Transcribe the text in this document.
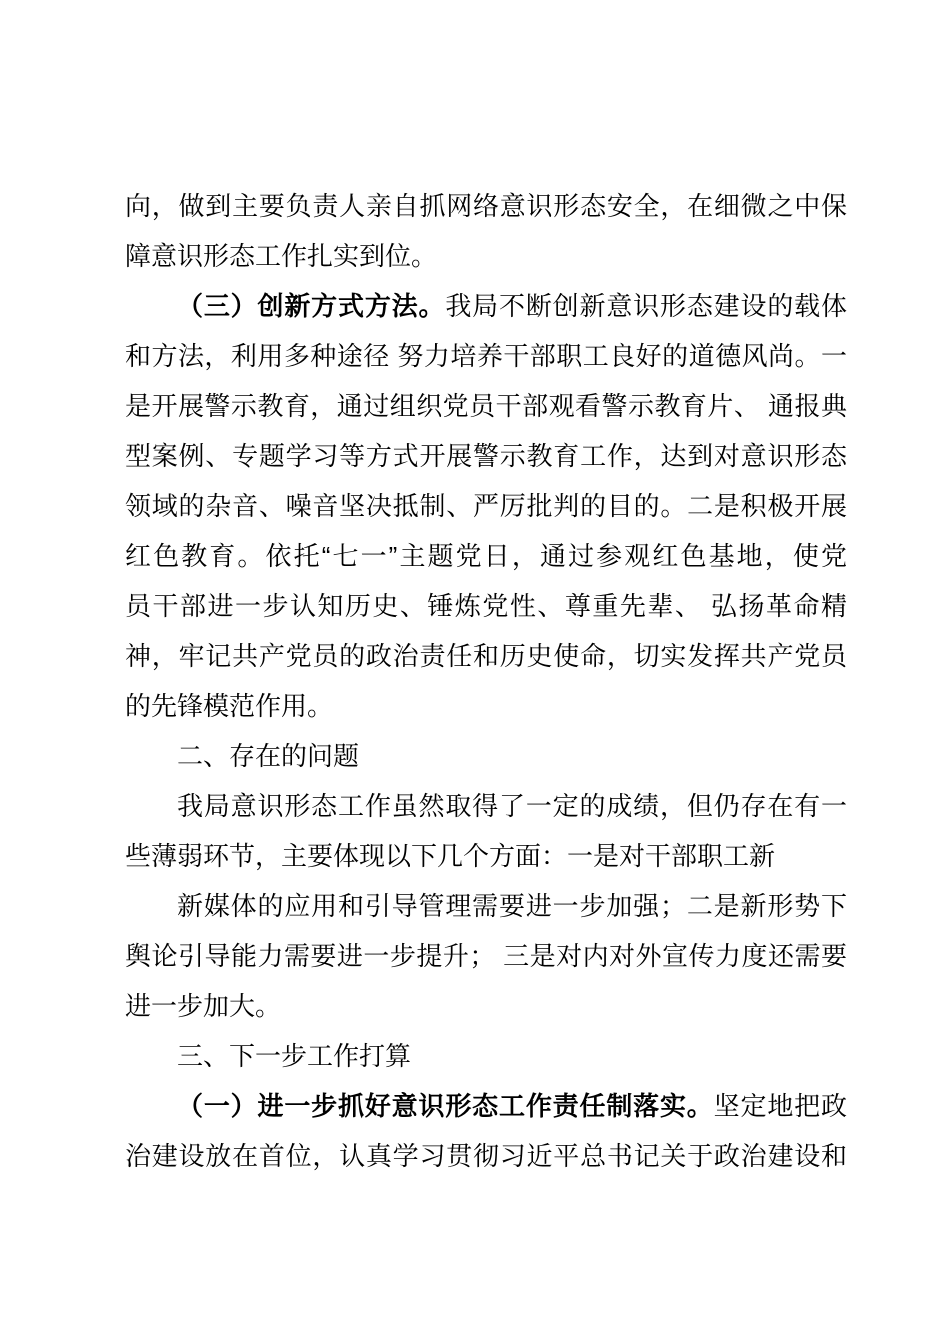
向，做到主要负责人亲自抓网络意识形态安全，在细微之中保
障意识形态工作扎实到位。
（三）创新方式方法。我局不断创新意识形态建设的载体
和方法，利用多种途径 努力培养干部职工良好的道德风尚。一
是开展警示教育，通过组织党员干部观看警示教育片、 通报典
型案例、专题学习等方式开展警示教育工作，达到对意识形态
领域的杂音、噪音坚决抵制、严厉批判的目的。二是积极开展
红色教育。依托“七一”主题党日，通过参观红色基地，使党
员干部进一步认知历史、锤炼党性、尊重先辈、 弘扬革命精
神，牢记共产党员的政治责任和历史使命，切实发挥共产党员
的先锋模范作用。
二、存在的问题
我局意识形态工作虽然取得了一定的成绩，但仍存在有一
些薄弱环节，主要体现以下几个方面：一是对干部职工新
新媒体的应用和引导管理需要进一步加强；二是新形势下
舆论引导能力需要进一步提升； 三是对内对外宣传力度还需要
进一步加大。
三、下一步工作打算
（一）进一步抓好意识形态工作责任制落实。坚定地把政
治建设放在首位，认真学习贯彻习近平总书记关于政治建设和
